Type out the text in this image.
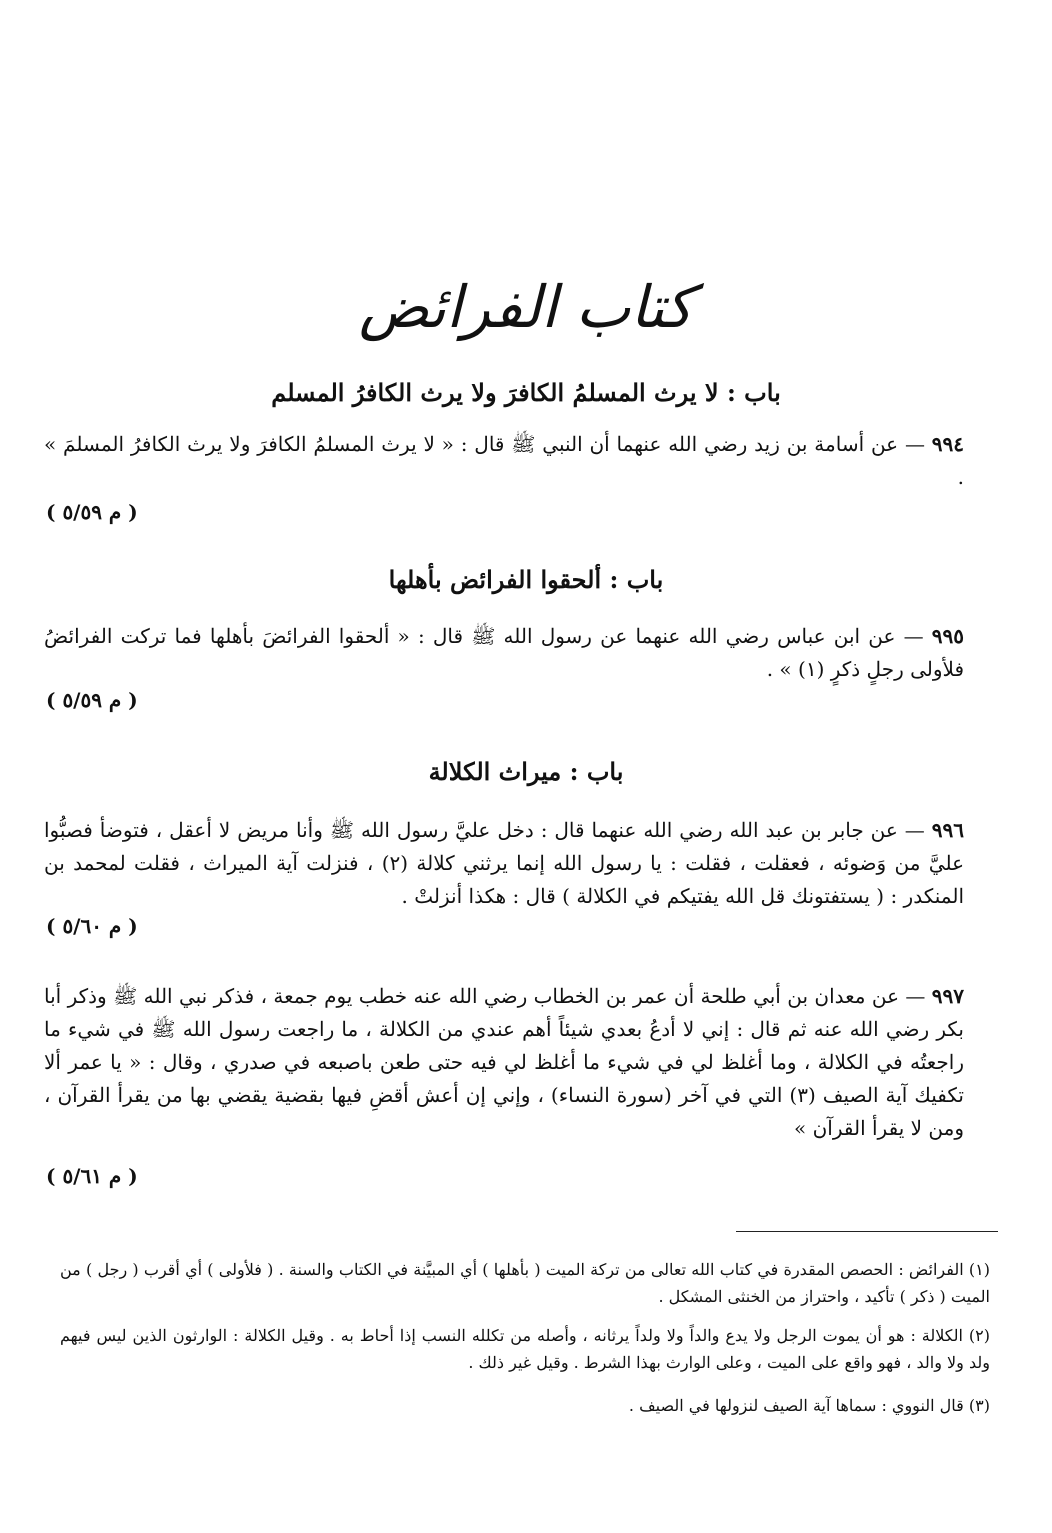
كتاب الفرائض
باب : لا يرث المسلمُ الكافرَ ولا يرث الكافرُ المسلم
٩٩٤ — عن أسامة بن زيد رضي الله عنهما أن النبي ﷺ قال : « لا يرث المسلمُ الكافرَ ولا يرث الكافرُ المسلمَ » .
( م ٥/٥٩ )
باب : ألحقوا الفرائض بأهلها
٩٩٥ — عن ابن عباس رضي الله عنهما عن رسول الله ﷺ قال : « ألحقوا الفرائضَ بأهلها فما تركت الفرائضُ فلأولى رجلٍ ذكرٍ (١) » .
( م ٥/٥٩ )
باب : ميراث الكلالة
٩٩٦ — عن جابر بن عبد الله رضي الله عنهما قال : دخل عليَّ رسول الله ﷺ وأنا مريض لا أعقل ، فتوضأ فصبُّوا عليَّ من وَضوئه ، فعقلت ، فقلت : يا رسول الله إنما يرثني كلالة (٢) ، فنزلت آية الميراث ، فقلت لمحمد بن المنكدر : ( يستفتونك قل الله يفتيكم في الكلالة ) قال : هكذا أنزلتْ .
( م ٥/٦٠ )
٩٩٧ — عن معدان بن أبي طلحة أن عمر بن الخطاب رضي الله عنه خطب يوم جمعة ، فذكر نبي الله ﷺ وذكر أبا بكر رضي الله عنه ثم قال : إني لا أدعُ بعدي شيئاً أهم عندي من الكلالة ، ما راجعت رسول الله ﷺ في شيء ما راجعتُه في الكلالة ، وما أغلظ لي في شيء ما أغلظ لي فيه حتى طعن باصبعه في صدري ، وقال : « يا عمر ألا تكفيك آية الصيف (٣) التي في آخر (سورة النساء) ، وإني إن أعش أقضِ فيها بقضية يقضي بها من يقرأ القرآن ، ومن لا يقرأ القرآن »
( م ٥/٦١ )
(١) الفرائض : الحصص المقدرة في كتاب الله تعالى من تركة الميت ( بأهلها ) أي المبيَّنة في الكتاب والسنة . ( فلأولى ) أي أقرب ( رجل ) من الميت ( ذكر ) تأكيد ، واحتراز من الخنثى المشكل .
(٢) الكلالة : هو أن يموت الرجل ولا يدع والداً ولا ولداً يرثانه ، وأصله من تكلله النسب إذا أحاط به . وقيل الكلالة : الوارثون الذين ليس فيهم ولد ولا والد ، فهو واقع على الميت ، وعلى الوارث بهذا الشرط . وقيل غير ذلك .
(٣) قال النووي : سماها آية الصيف لنزولها في الصيف .
